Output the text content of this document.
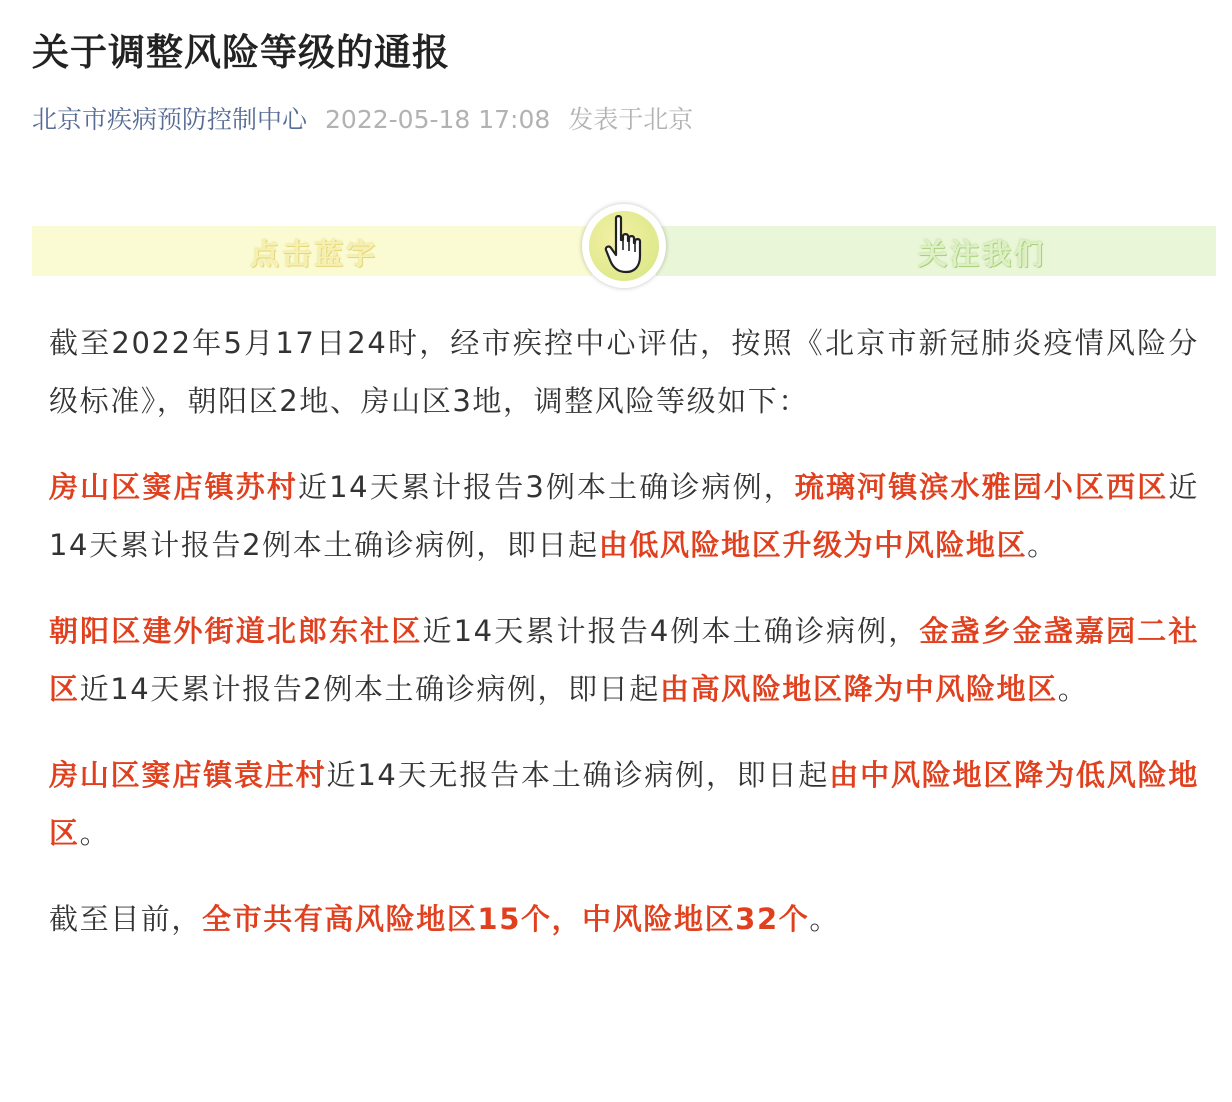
关于调整风险等级的通报
北京市疾病预防控制中心 2022-05-18 17:08 发表于北京
点击蓝字	关注我们

截至2022年5月17日24时，经市疾控中心评估，按照《北京市新冠肺炎疫情风险分级标准》，朝阳区2地、房山区3地，调整风险等级如下：

房山区窦店镇苏村近14天累计报告3例本土确诊病例，琉璃河镇滨水雅园小区西区近14天累计报告2例本土确诊病例，即日起由低风险地区升级为中风险地区。

朝阳区建外街道北郎东社区近14天累计报告4例本土确诊病例，金盏乡金盏嘉园二社区近14天累计报告2例本土确诊病例，即日起由高风险地区降为中风险地区。

房山区窦店镇袁庄村近14天无报告本土确诊病例，即日起由中风险地区降为低风险地区。

截至目前，全市共有高风险地区15个，中风险地区32个。
